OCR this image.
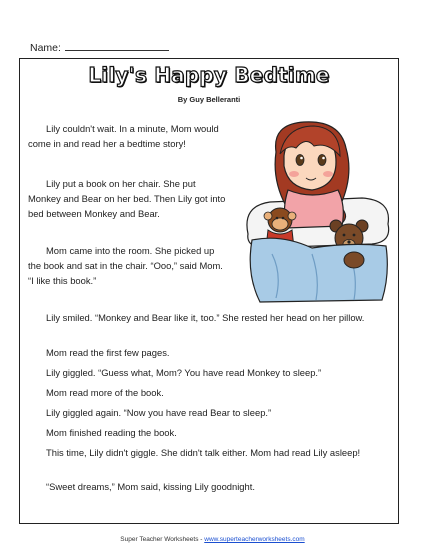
Name:
Lily's Happy Bedtime
By Guy Belleranti

Lily couldn't wait. In a minute, Mom would come in and read her a bedtime story!

Lily put a book on her chair. She put Monkey and Bear on her bed. Then Lily got into bed between Monkey and Bear.

Mom came into the room. She picked up the book and sat in the chair. “Ooo,” said Mom. “I like this book.”

Lily smiled. “Monkey and Bear like it, too.” She rested her head on her pillow.

Mom read the first few pages.

Lily giggled. “Guess what, Mom? You have read Monkey to sleep.”

Mom read more of the book.

Lily giggled again. “Now you have read Bear to sleep.”

Mom finished reading the book.

This time, Lily didn't giggle. She didn't talk either. Mom had read Lily asleep!

“Sweet dreams,” Mom said, kissing Lily goodnight.

Super Teacher Worksheets - www.superteacherworksheets.com
